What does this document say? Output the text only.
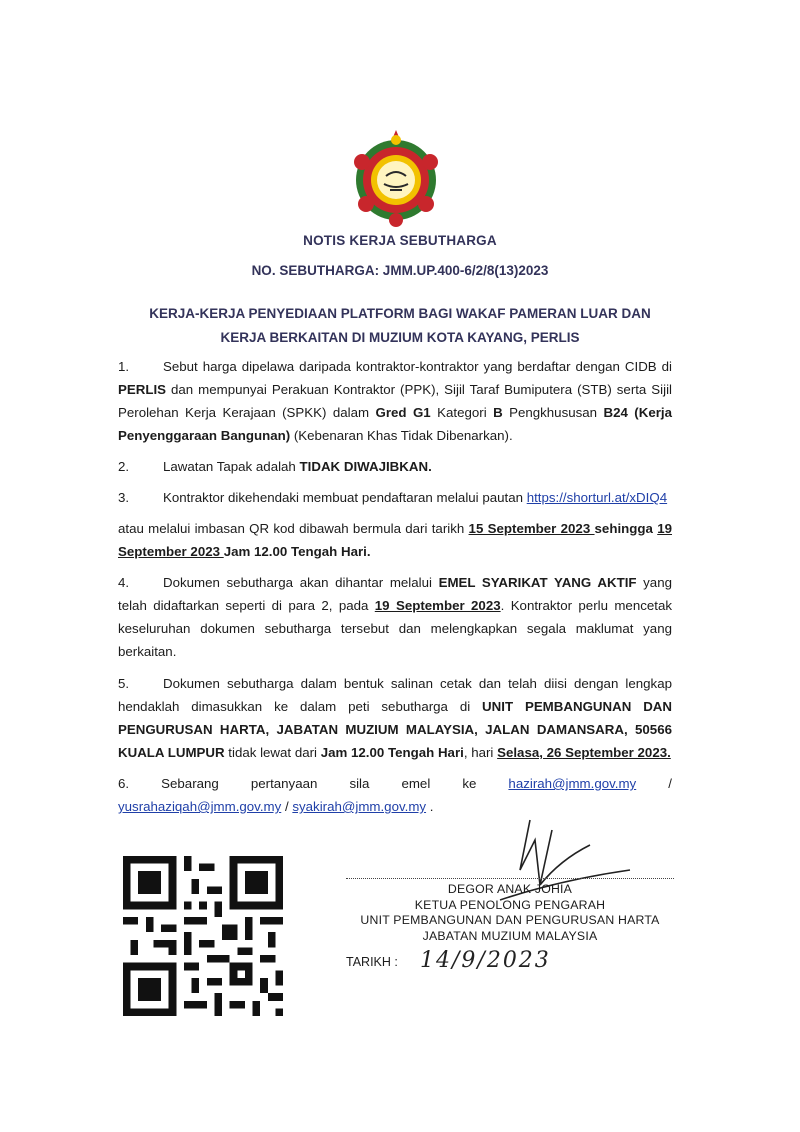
NOTIS KERJA SEBUTHARGA
NO. SEBUTHARGA: JMM.UP.400-6/2/8(13)2023
KERJA-KERJA PENYEDIAAN PLATFORM BAGI WAKAF PAMERAN LUAR DAN
KERJA BERKAITAN DI MUZIUM KOTA KAYANG, PERLIS
1.	Sebut harga dipelawa daripada kontraktor-kontraktor yang berdaftar dengan CIDB di PERLIS dan mempunyai Perakuan Kontraktor (PPK), Sijil Taraf Bumiputera (STB) serta Sijil Perolehan Kerja Kerajaan (SPKK) dalam Gred G1 Kategori B Pengkhususan B24 (Kerja Penyenggaraan Bangunan) (Kebenaran Khas Tidak Dibenarkan).
2.	Lawatan Tapak adalah TIDAK DIWAJIBKAN.
3.	Kontraktor dikehendaki membuat pendaftaran melalui pautan https://shorturl.at/xDIQ4
atau melalui imbasan QR kod dibawah bermula dari tarikh 15 September 2023 sehingga 19 September 2023 Jam 12.00 Tengah Hari.
4.	Dokumen sebutharga akan dihantar melalui EMEL SYARIKAT YANG AKTIF yang telah didaftarkan seperti di para 2, pada 19 September 2023. Kontraktor perlu mencetak keseluruhan dokumen sebutharga tersebut dan melengkapkan segala maklumat yang berkaitan.
5.	Dokumen sebutharga dalam bentuk salinan cetak dan telah diisi dengan lengkap hendaklah dimasukkan ke dalam peti sebutharga di UNIT PEMBANGUNAN DAN PENGURUSAN HARTA, JABATAN MUZIUM MALAYSIA, JALAN DAMANSARA, 50566 KUALA LUMPUR tidak lewat dari Jam 12.00 Tengah Hari, hari Selasa, 26 September 2023.
6. Sebarang pertanyaan sila emel ke hazirah@jmm.gov.my /
yusrahaziqah@jmm.gov.my / syakirah@jmm.gov.my .
DEGOR ANAK JOHIA
KETUA PENOLONG PENGARAH
UNIT PEMBANGUNAN DAN PENGURUSAN HARTA
JABATAN MUZIUM MALAYSIA
TARIKH : 14/9/2023
